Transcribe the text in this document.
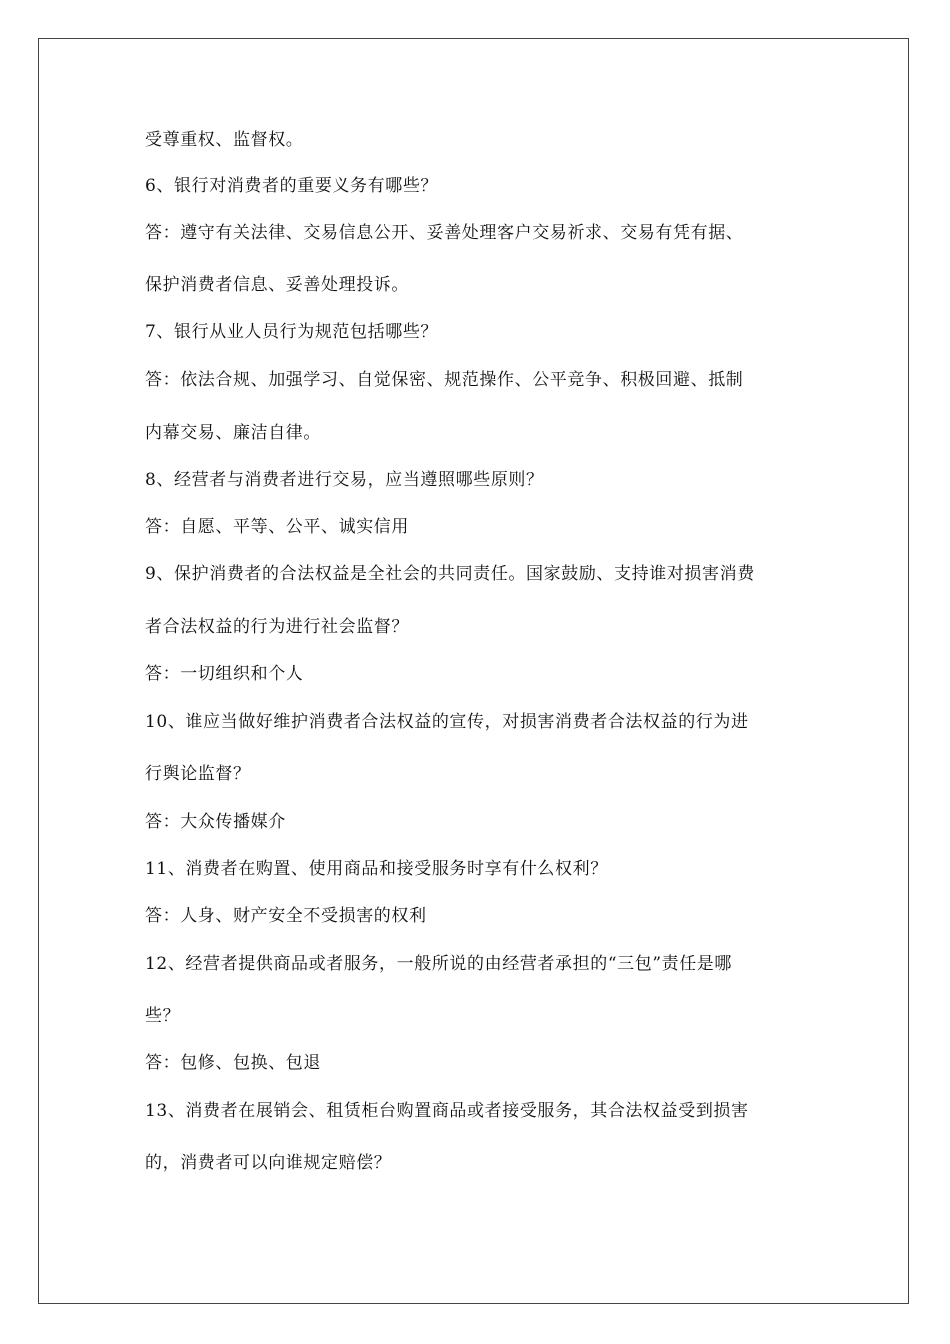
受尊重权、监督权。
6、银行对消费者的重要义务有哪些？
答：遵守有关法律、交易信息公开、妥善处理客户交易祈求、交易有凭有据、
保护消费者信息、妥善处理投诉。
7、银行从业人员行为规范包括哪些？
答：依法合规、加强学习、自觉保密、规范操作、公平竞争、积极回避、抵制
内幕交易、廉洁自律。
8、经营者与消费者进行交易，应当遵照哪些原则？
答：自愿、平等、公平、诚实信用
9、保护消费者的合法权益是全社会的共同责任。国家鼓励、支持谁对损害消费
者合法权益的行为进行社会监督？
答：一切组织和个人
10、谁应当做好维护消费者合法权益的宣传，对损害消费者合法权益的行为进
行舆论监督？
答：大众传播媒介
11、消费者在购置、使用商品和接受服务时享有什么权利？
答：人身、财产安全不受损害的权利
12、经营者提供商品或者服务，一般所说的由经营者承担的“三包”责任是哪
些？
答：包修、包换、包退
13、消费者在展销会、租赁柜台购置商品或者接受服务，其合法权益受到损害
的，消费者可以向谁规定赔偿？
